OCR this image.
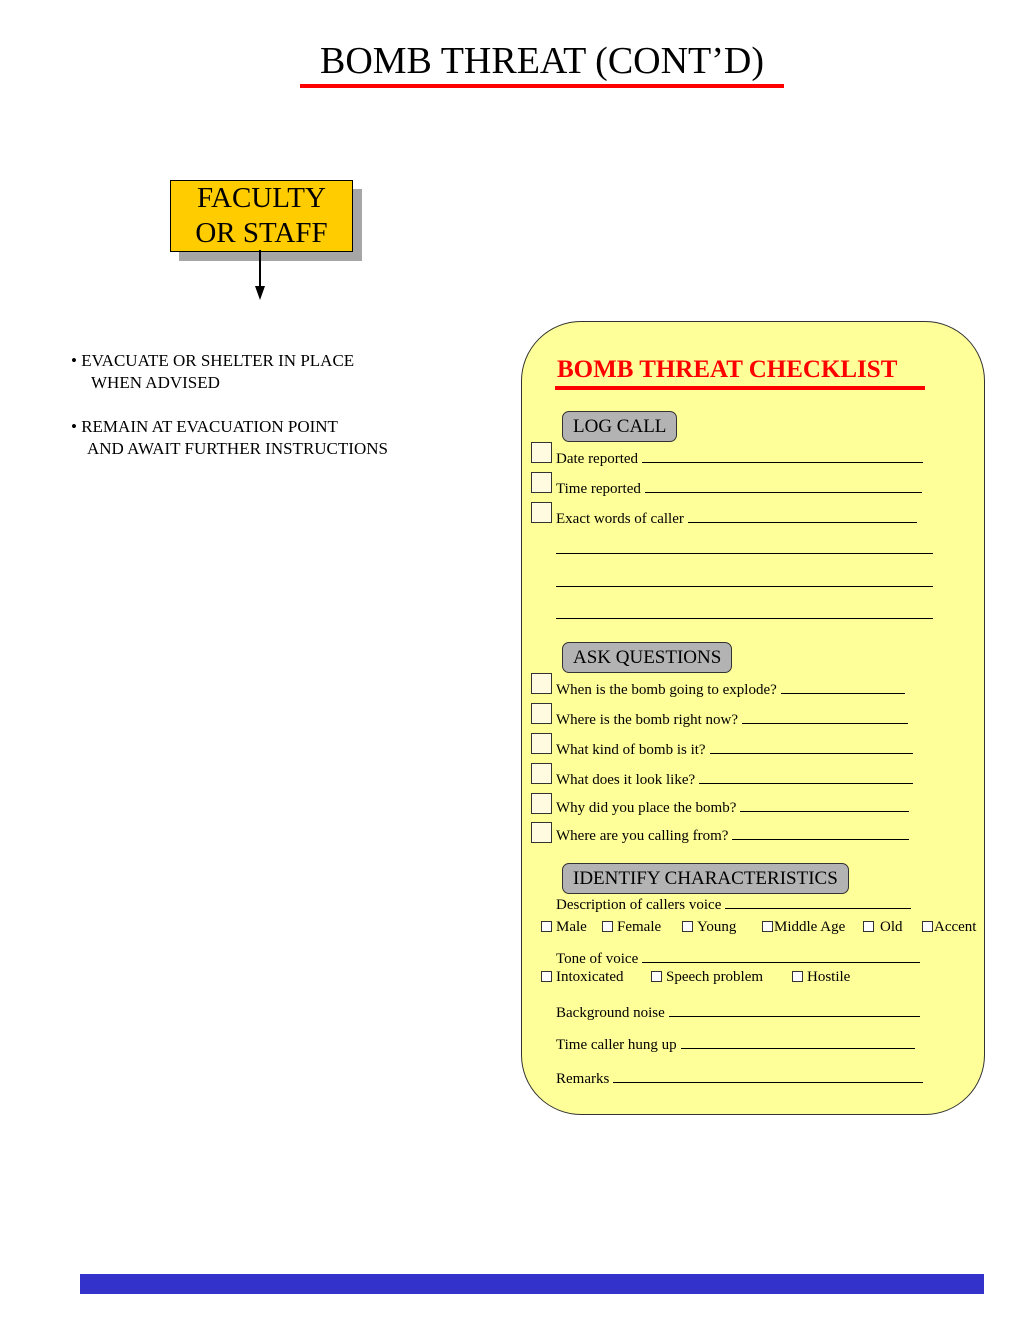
BOMB THREAT (CONT’D)
FACULTY
OR STAFF
• EVACUATE OR SHELTER IN PLACE
WHEN ADVISED
• REMAIN AT EVACUATION POINT
AND AWAIT FURTHER INSTRUCTIONS
BOMB THREAT CHECKLIST
LOG CALL
Date reported
Time reported
Exact words of caller
ASK QUESTIONS
When is the bomb going to explode?
Where is the bomb right now?
What kind of bomb is it?
What does it look like?
Why did you place the bomb?
Where are you calling from?
IDENTIFY CHARACTERISTICS
Description of callers voice
Male	Female	Young	Middle Age	Old	Accent
Tone of voice
Intoxicated	Speech problem	Hostile
Background noise
Time caller hung up
Remarks
